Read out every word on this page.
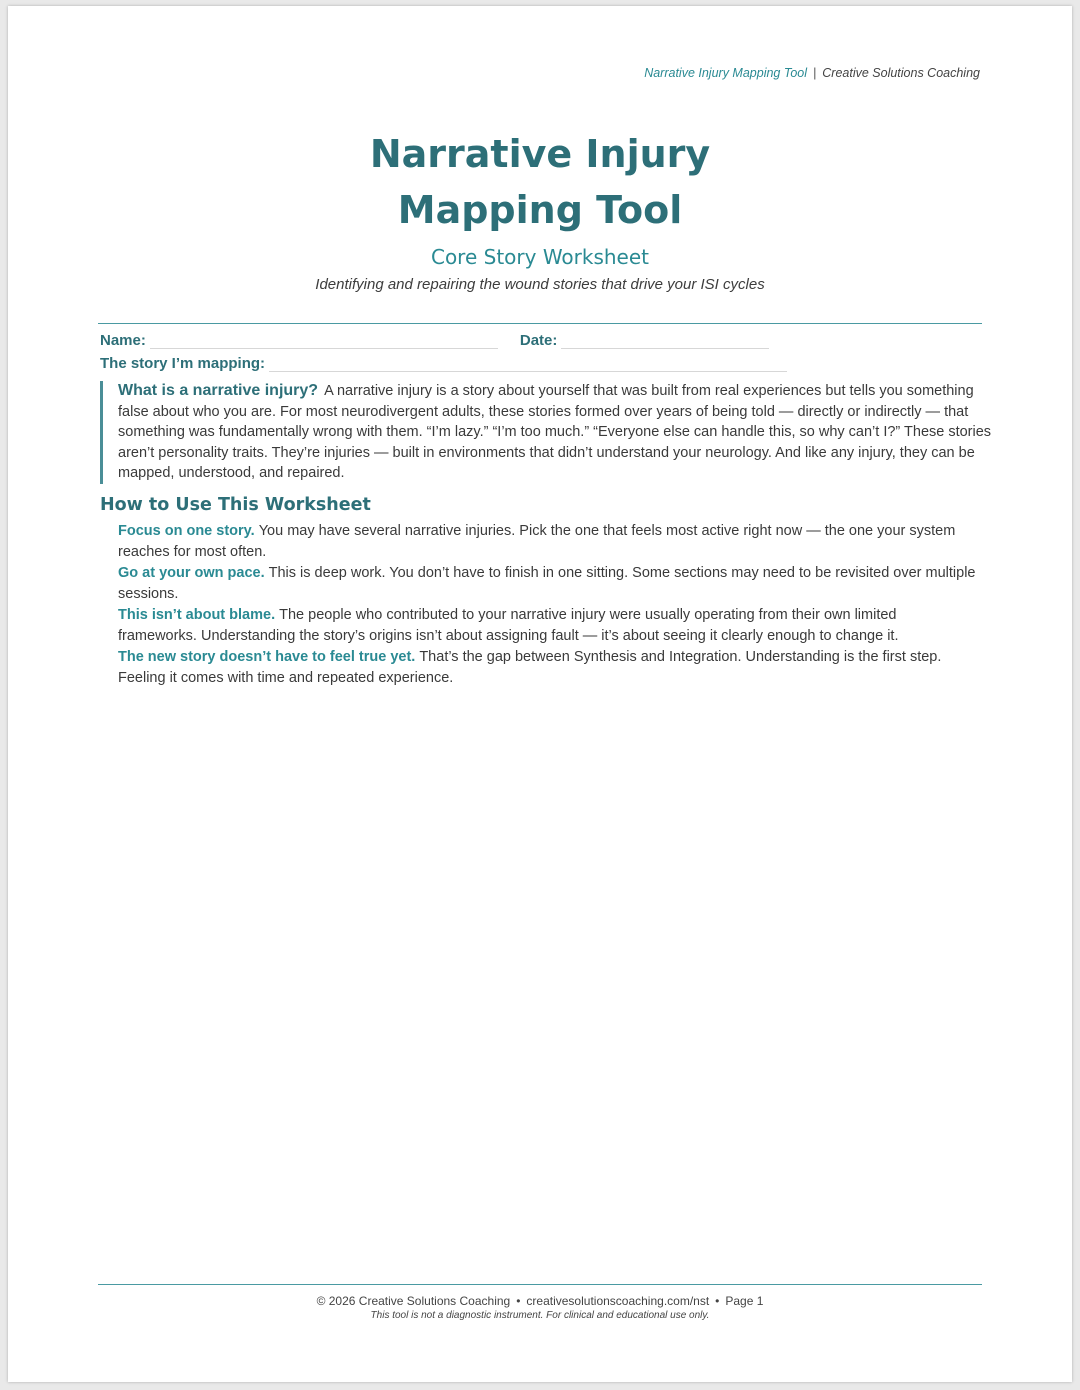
Narrative Injury Mapping Tool | Creative Solutions Coaching
Narrative Injury
Mapping Tool
Core Story Worksheet
Identifying and repairing the wound stories that drive your ISI cycles
Name:	Date:
The story I’m mapping:
What is a narrative injury? A narrative injury is a story about yourself that was built from real experiences but tells you something false about who you are. For most neurodivergent adults, these stories formed over years of being told — directly or indirectly — that something was fundamentally wrong with them. “I’m lazy.” “I’m too much.” “Everyone else can handle this, so why can’t I?” These stories aren’t personality traits. They’re injuries — built in environments that didn’t understand your neurology. And like any injury, they can be mapped, understood, and repaired.
How to Use This Worksheet
Focus on one story. You may have several narrative injuries. Pick the one that feels most active right now — the one your system reaches for most often.
Go at your own pace. This is deep work. You don’t have to finish in one sitting. Some sections may need to be revisited over multiple sessions.
This isn’t about blame. The people who contributed to your narrative injury were usually operating from their own limited frameworks. Understanding the story’s origins isn’t about assigning fault — it’s about seeing it clearly enough to change it.
The new story doesn’t have to feel true yet. That’s the gap between Synthesis and Integration. Understanding is the first step. Feeling it comes with time and repeated experience.
© 2026 Creative Solutions Coaching • creativesolutionscoaching.com/nst • Page 1
This tool is not a diagnostic instrument. For clinical and educational use only.
